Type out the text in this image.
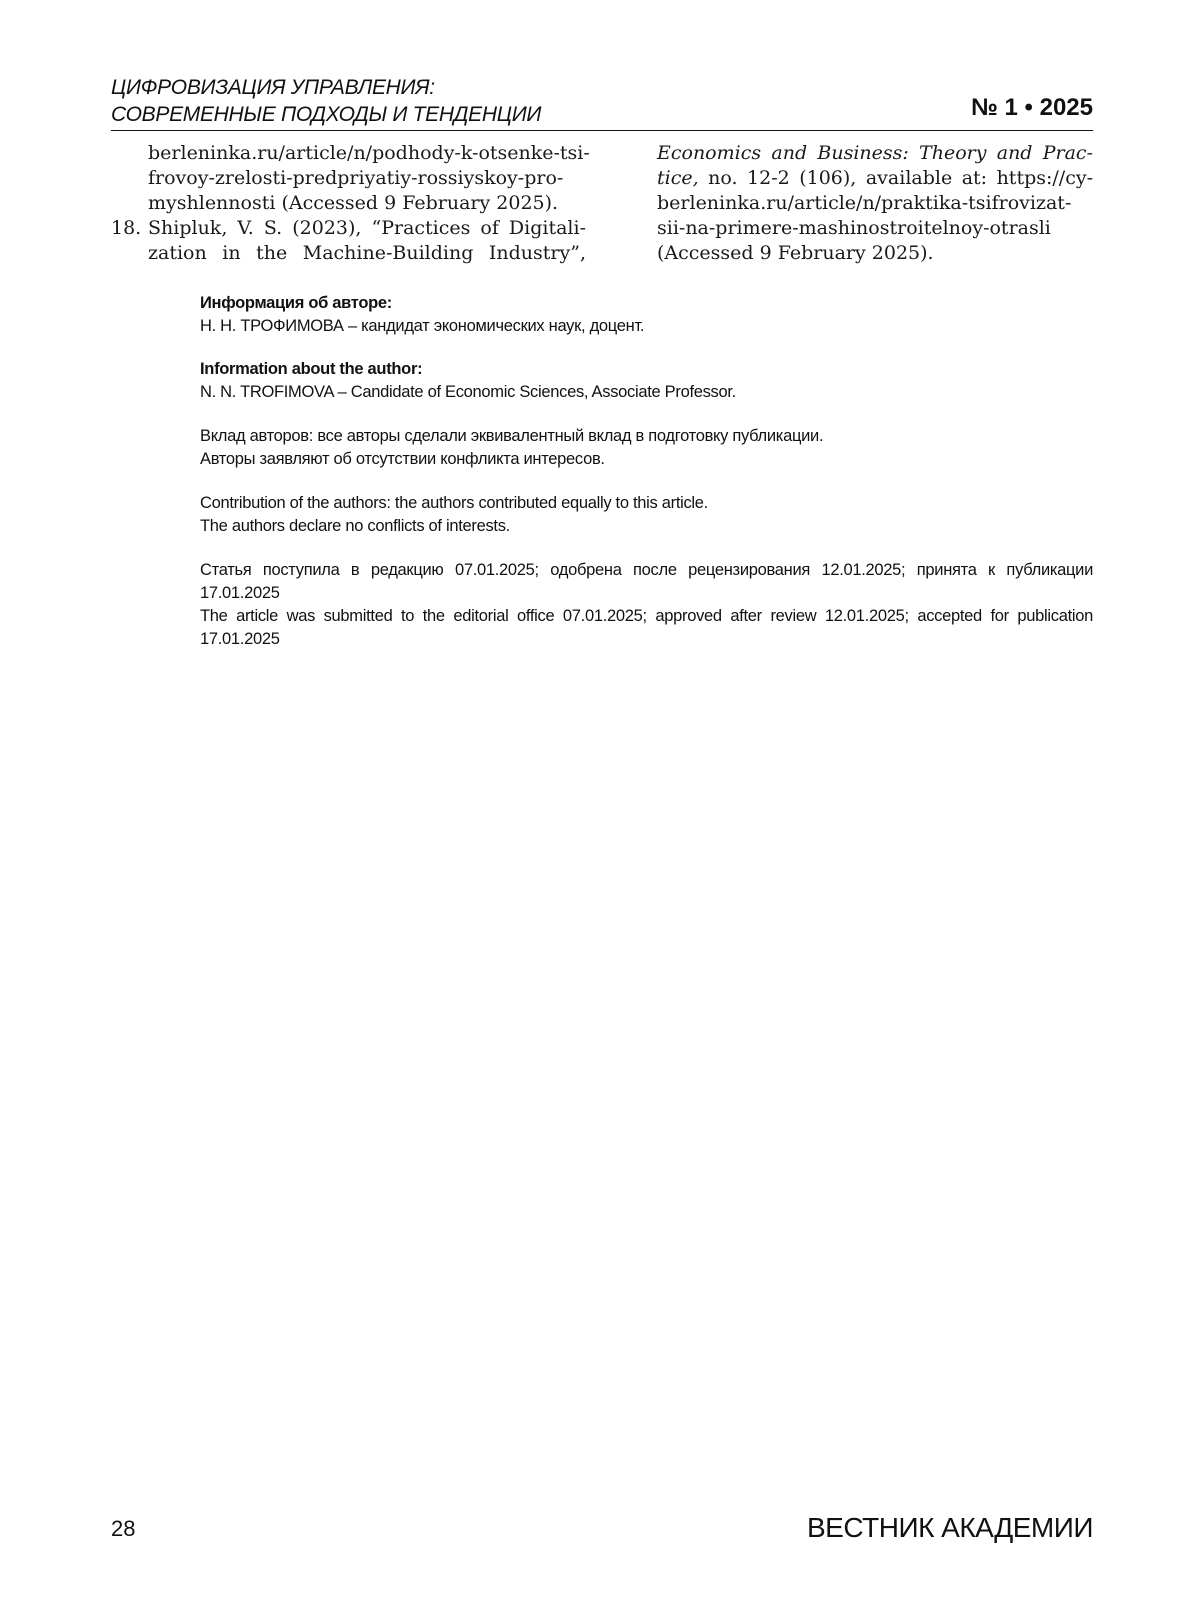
ЦИФРОВИЗАЦИЯ УПРАВЛЕНИЯ:
СОВРЕМЕННЫЕ ПОДХОДЫ И ТЕНДЕНЦИИ	№ 1 • 2025
berleninka.ru/article/n/podhody-k-otsenke-tsi-
frovoy-zrelosti-predpriyatiy-rossiyskoy-pro-
myshlennosti (Accessed 9 February 2025).
18. Shipluk, V. S. (2023), “Practices of Digitali-
zation in the Machine-Building Industry”,
Economics and Business: Theory and Prac-
tice, no. 12-2 (106), available at: https://cy-
berleninka.ru/article/n/praktika-tsifrovizat-
sii-na-primere-mashinostroitelnoy-otrasli
(Accessed 9 February 2025).
Информация об авторе:
Н. Н. ТРОФИМОВА – кандидат экономических наук, доцент.
Information about the author:
N. N. TROFIMOVA – Candidate of Economic Sciences, Associate Professor.
Вклад авторов: все авторы сделали эквивалентный вклад в подготовку публикации.
Авторы заявляют об отсутствии конфликта интересов.
Contribution of the authors: the authors contributed equally to this article.
The authors declare no conflicts of interests.
Статья поступила в редакцию 07.01.2025; одобрена после рецензирования 12.01.2025; принята к публикации
17.01.2025
The article was submitted to the editorial office 07.01.2025; approved after review 12.01.2025; accepted for publication
17.01.2025
28	ВЕСТНИК АКАДЕМИИ
